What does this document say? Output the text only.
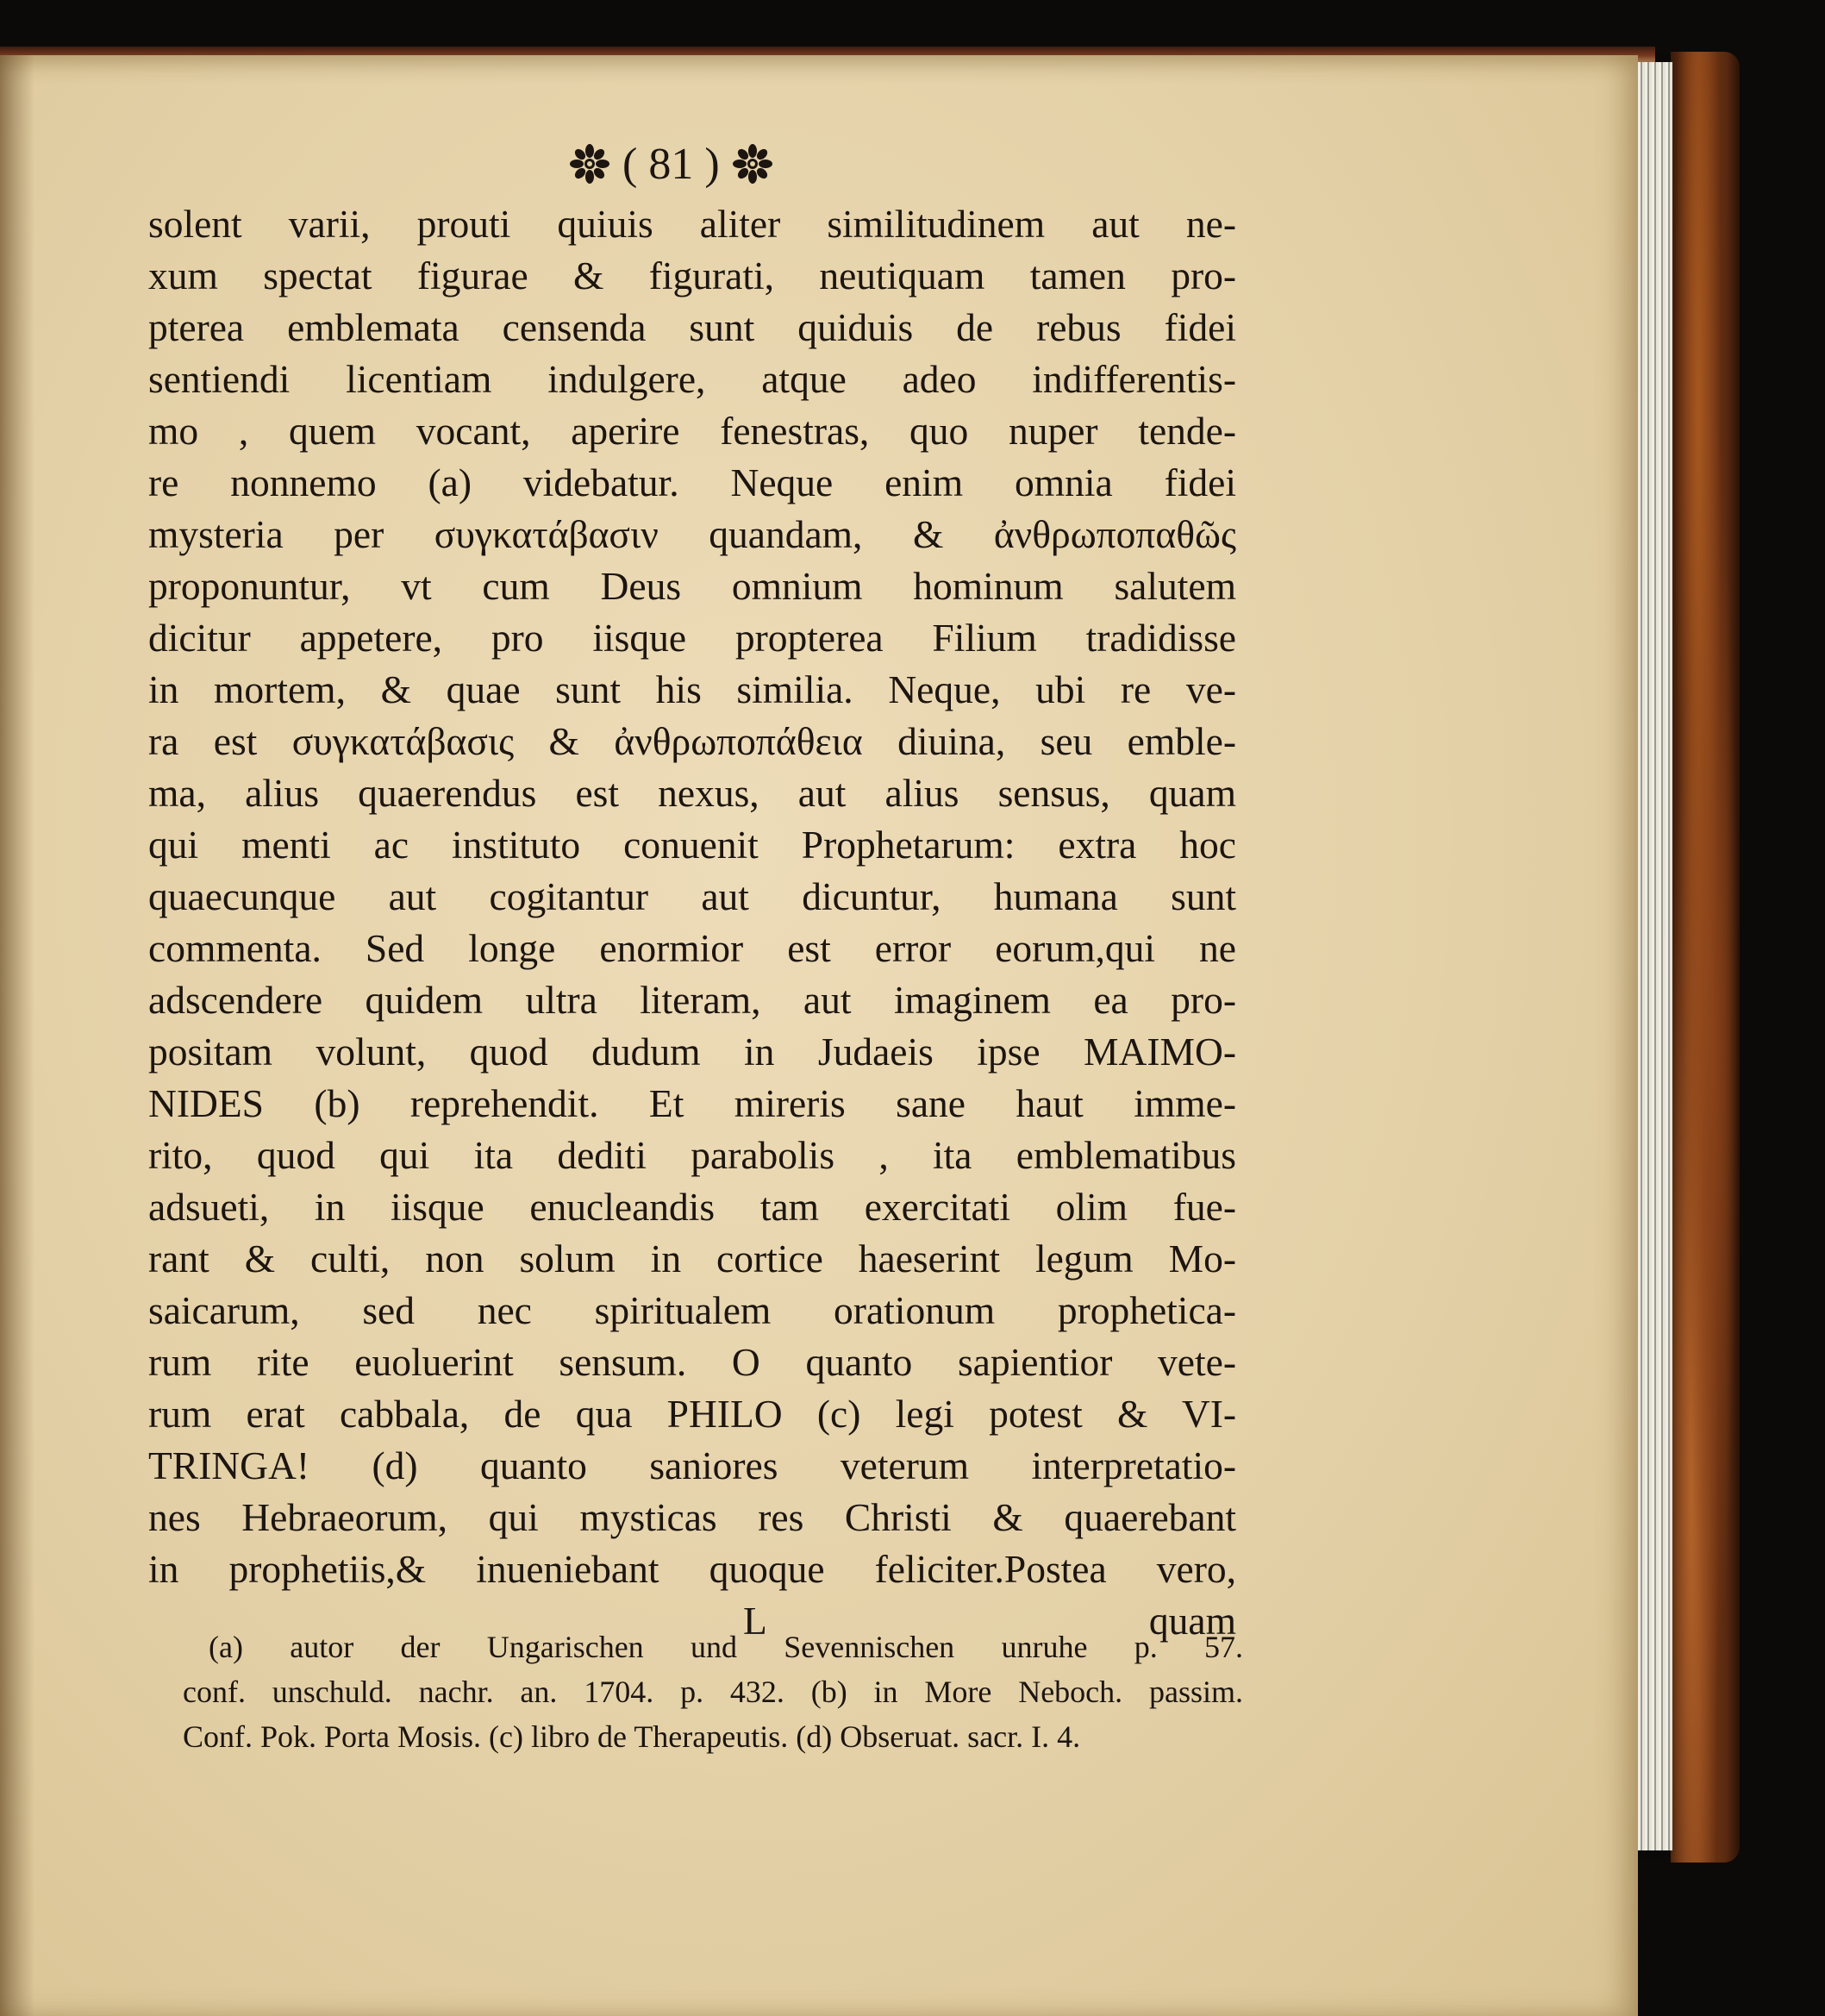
( 81 )
solent varii, prouti quiuis aliter similitudinem aut ne-
xum spectat figurae & figurati, neutiquam tamen pro-
pterea emblemata censenda sunt quiduis de rebus fidei
sentiendi licentiam indulgere, atque adeo indifferentis-
mo , quem vocant, aperire fenestras, quo nuper tende-
re nonnemo (a) videbatur. Neque enim omnia fidei
mysteria per συγκατάβασιν quandam, & ἀνθρωποπαθῶς
proponuntur, vt cum Deus omnium hominum salutem
dicitur appetere, pro iisque propterea Filium tradidisse
in mortem, & quae sunt his similia. Neque, ubi re ve-
ra est συγκατάβασις & ἀνθρωποπάθεια diuina, seu emble-
ma, alius quaerendus est nexus, aut alius sensus, quam
qui menti ac instituto conuenit Prophetarum: extra hoc
quaecunque aut cogitantur aut dicuntur, humana sunt
commenta. Sed longe enormior est error eorum,qui ne
adscendere quidem ultra literam, aut imaginem ea pro-
positam volunt, quod dudum in Judaeis ipse MAIMO-
NIDES (b) reprehendit. Et mireris sane haut imme-
rito, quod qui ita dediti parabolis , ita emblematibus
adsueti, in iisque enucleandis tam exercitati olim fue-
rant & culti, non solum in cortice haeserint legum Mo-
saicarum, sed nec spiritualem orationum propheticа-
rum rite euoluerint sensum. O quanto sapientior vete-
rum erat cabbala, de qua PHILO (c) legi potest & VI-
TRINGA! (d) quanto saniores veterum interpretatio-
nes Hebraeorum, qui mysticas res Christi & quaerebant
in prophetiis,& inueniebant quoque feliciter.Postea vero,
L	quam
(a) autor der Ungarischen und Sevennischen unruhe p. 57.
conf. unschuld. nachr. an. 1704. p. 432. (b) in More Neboch. passim.
Conf. Pok. Porta Mosis. (c) libro de Therapeutis. (d) Obseruat. sacr. I. 4.
